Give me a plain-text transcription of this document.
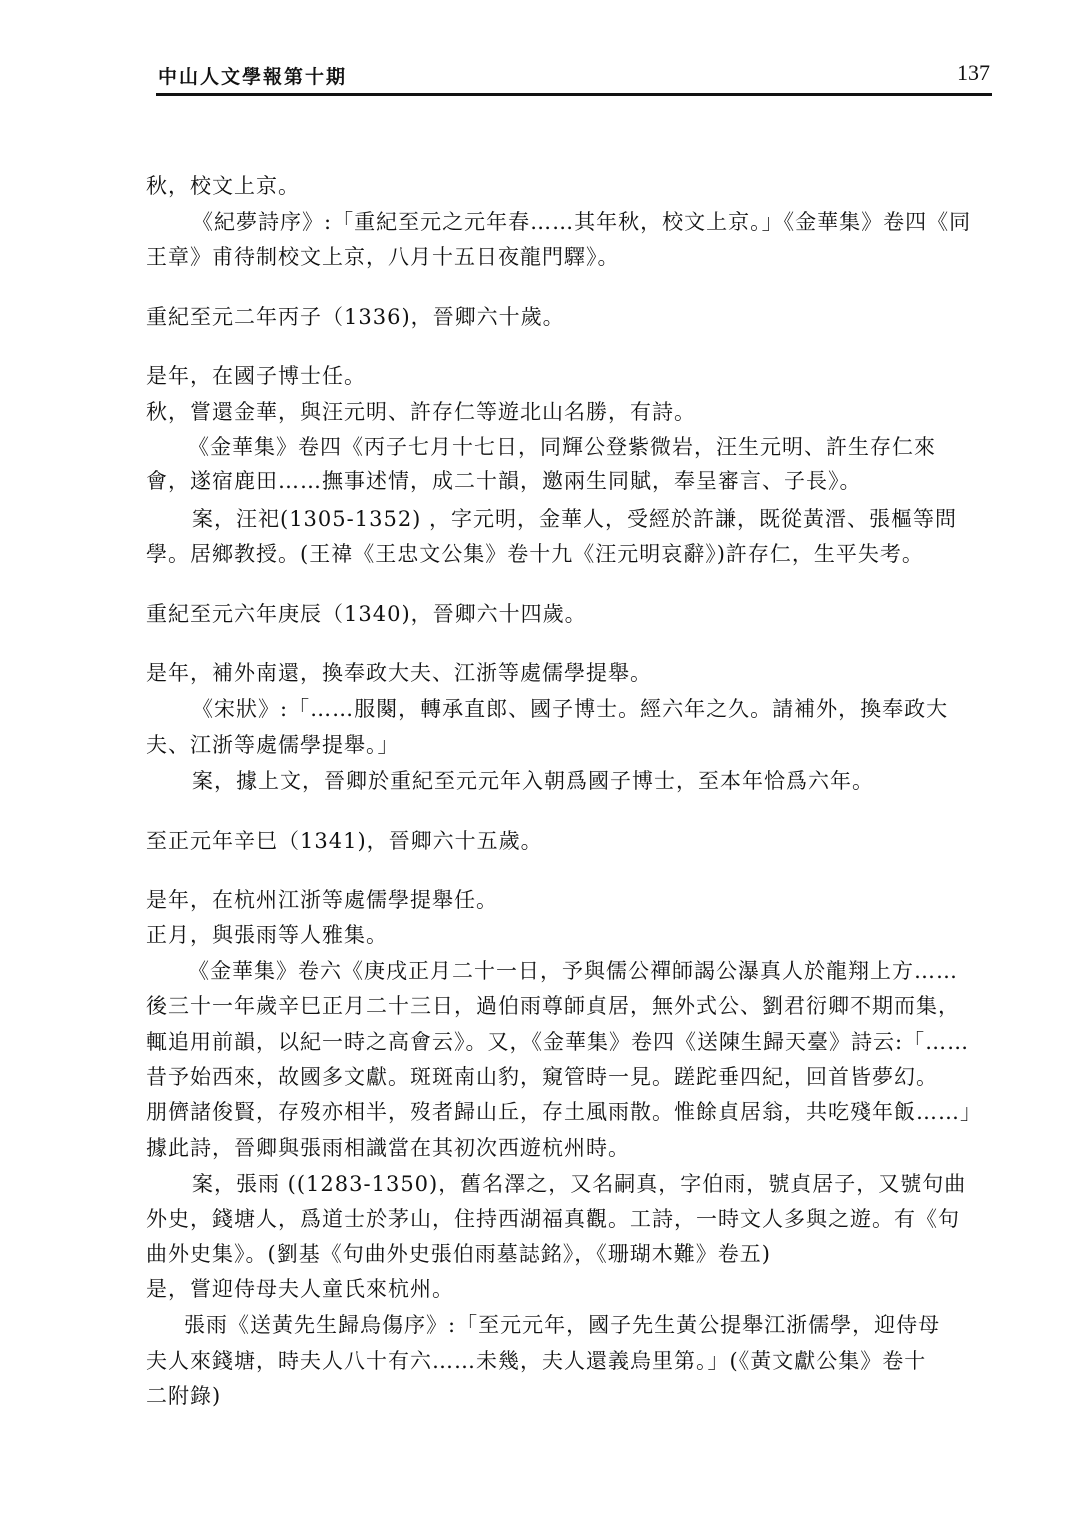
中山人文學報第十期	137
秋，校文上京。
《紀夢詩序》:「重紀至元之元年春……其年秋，校文上京。」《金華集》卷四《同
王章》甫待制校文上京，八月十五日夜龍門驛》。
重紀至元二年丙子（1336)，晉卿六十歲。
是年，在國子博士任。
秋，嘗還金華，與汪元明、許存仁等遊北山名勝，有詩。
《金華集》卷四《丙子七月十七日，同輝公登紫微岩，汪生元明、許生存仁來
會，遂宿鹿田……撫事述情，成二十韻，邀兩生同賦，奉呈審言、子長》。
案，汪祀(1305-1352) ，字元明，金華人，受經於許謙，既從黃溍、張樞等問
學。居鄉教授。(王禕《王忠文公集》卷十九《汪元明哀辭》)許存仁，生平失考。
重紀至元六年庚辰（1340)，晉卿六十四歲。
是年，補外南還，換奉政大夫、江浙等處儒學提舉。
《宋狀》:「……服闋，轉承直郎、國子博士。經六年之久。請補外，換奉政大
夫、江浙等處儒學提舉。」
案，據上文，晉卿於重紀至元元年入朝爲國子博士，至本年恰爲六年。
至正元年辛巳（1341)，晉卿六十五歲。
是年，在杭州江浙等處儒學提舉任。
正月，與張雨等人雅集。
《金華集》卷六《庚戌正月二十一日，予與儒公禪師謁公瀑真人於龍翔上方……
後三十一年歲辛巳正月二十三日，過伯雨尊師貞居，無外式公、劉君衍卿不期而集，
輒追用前韻，以紀一時之高會云》。又，《金華集》卷四《送陳生歸天臺》詩云:「……
昔予始西來，故國多文獻。斑斑南山豹，窺管時一見。蹉跎垂四紀，回首皆夢幻。
朋儕諸俊賢，存歿亦相半，歿者歸山丘，存土風雨散。惟餘貞居翁，共吃殘年飯……」
據此詩，晉卿與張雨相識當在其初次西遊杭州時。
案，張雨 ((1283-1350)，舊名澤之，又名嗣真，字伯雨，號貞居子，又號句曲
外史，錢塘人，爲道士於茅山，住持西湖福真觀。工詩，一時文人多與之遊。有《句
曲外史集》。(劉基《句曲外史張伯雨墓誌銘》，《珊瑚木難》卷五)
是，嘗迎侍母夫人童氏來杭州。
張雨《送黃先生歸烏傷序》:「至元元年，國子先生黃公提舉江浙儒學，迎侍母
夫人來錢塘，時夫人八十有六……未幾，夫人還義烏里第。」(《黃文獻公集》卷十
二附錄)
